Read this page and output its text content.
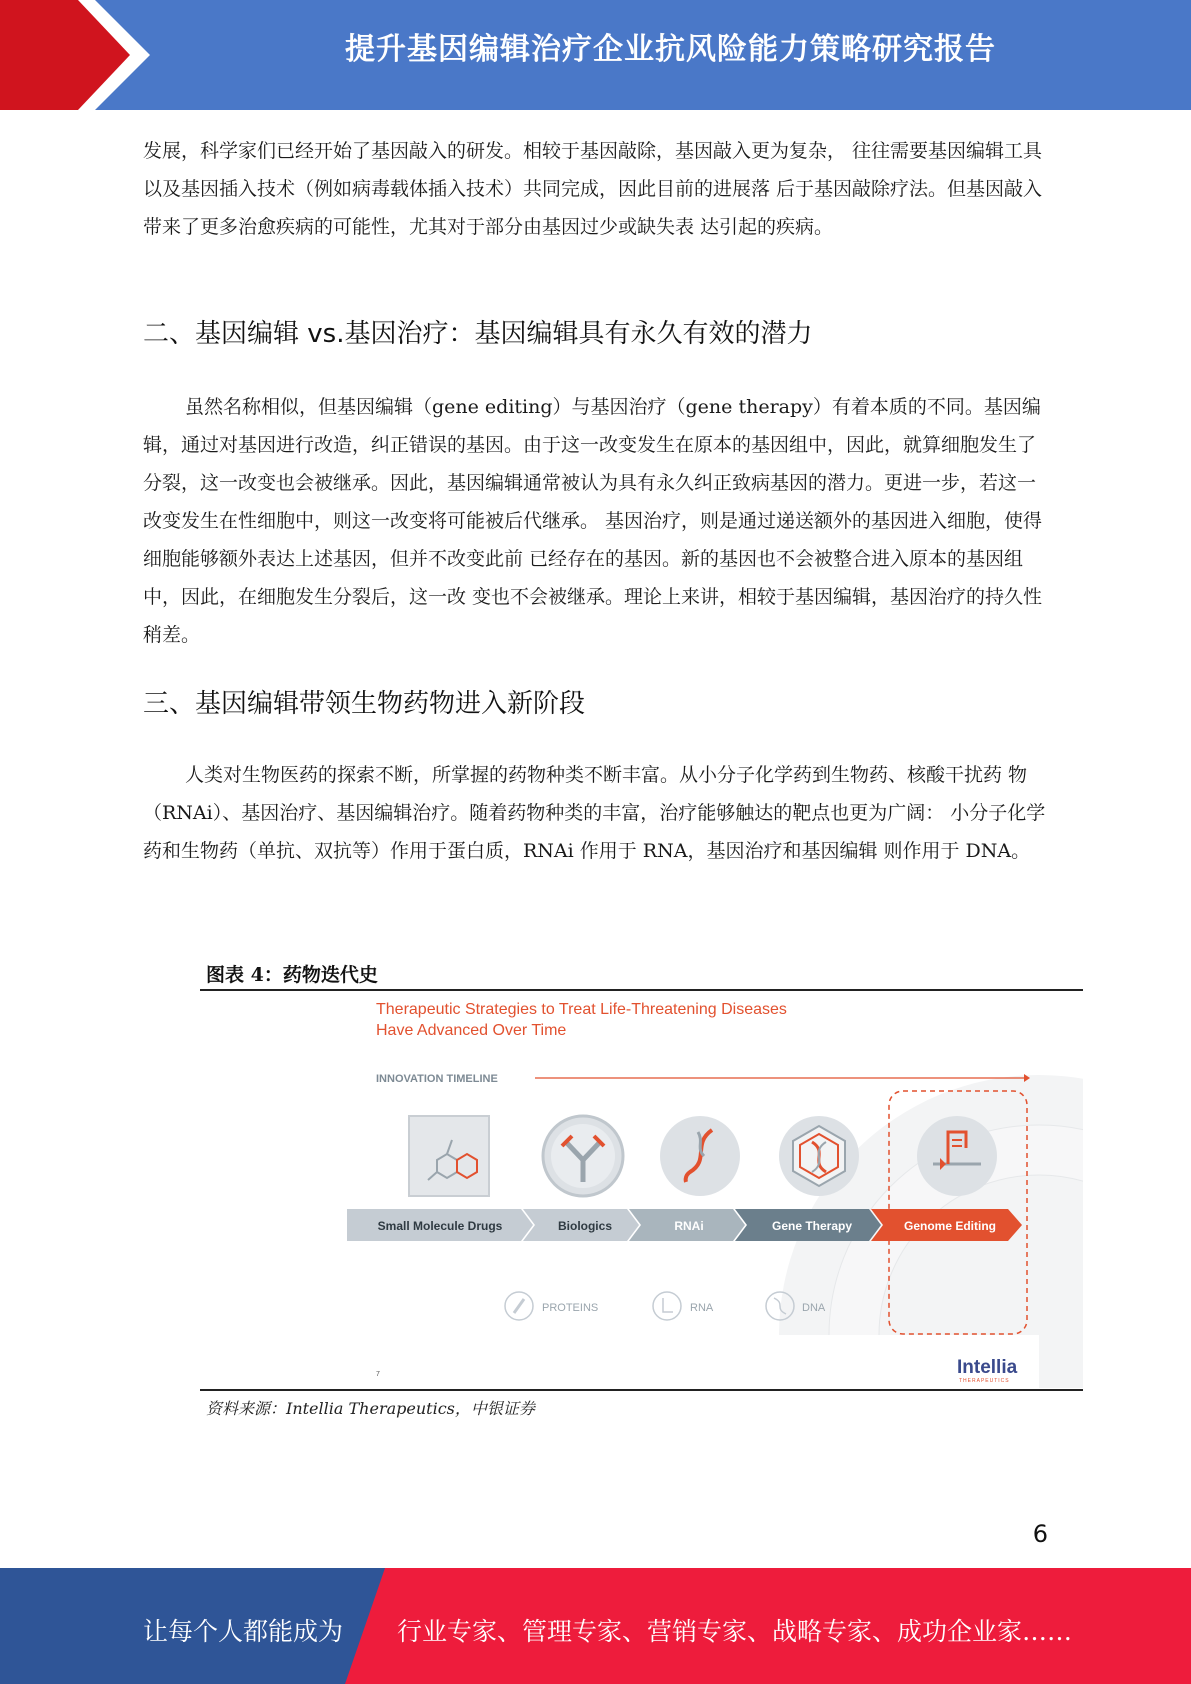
提升基因编辑治疗企业抗风险能力策略研究报告

发展，科学家们已经开始了基因敲入的研发。相较于基因敲除，基因敲入更为复杂， 往往需要基因编辑工具以及基因插入技术（例如病毒载体插入技术）共同完成，因此目前的进展落 后于基因敲除疗法。但基因敲入带来了更多治愈疾病的可能性，尤其对于部分由基因过少或缺失表 达引起的疾病。

二、基因编辑 vs.基因治疗：基因编辑具有永久有效的潜力

虽然名称相似，但基因编辑（gene editing）与基因治疗（gene therapy）有着本质的不同。基因编辑，通过对基因进行改造，纠正错误的基因。由于这一改变发生在原本的基因组中，因此，就算细胞发生了分裂，这一改变也会被继承。因此，基因编辑通常被认为具有永久纠正致病基因的潜力。更进一步，若这一改变发生在性细胞中，则这一改变将可能被后代继承。 基因治疗，则是通过递送额外的基因进入细胞，使得细胞能够额外表达上述基因，但并不改变此前 已经存在的基因。新的基因也不会被整合进入原本的基因组中，因此，在细胞发生分裂后，这一改 变也不会被继承。理论上来讲，相较于基因编辑，基因治疗的持久性稍差。

三、基因编辑带领生物药物进入新阶段

人类对生物医药的探索不断，所掌握的药物种类不断丰富。从小分子化学药到生物药、核酸干扰药 物（RNAi）、基因治疗、基因编辑治疗。随着药物种类的丰富，治疗能够触达的靶点也更为广阔： 小分子化学药和生物药（单抗、双抗等）作用于蛋白质，RNAi 作用于 RNA，基因治疗和基因编辑 则作用于 DNA。

图表 4：药物迭代史
Therapeutic Strategies to Treat Life-Threatening Diseases
Have Advanced Over Time
INNOVATION TIMELINE
Small Molecule Drugs	Biologics	RNAi	Gene Therapy	Genome Editing
PROTEINS	RNA	DNA
7	Intellia
THERAPEUTICS
资料来源：Intellia Therapeutics，中银证券
6
让每个人都能成为 行业专家、管理专家、营销专家、战略专家、成功企业家……
